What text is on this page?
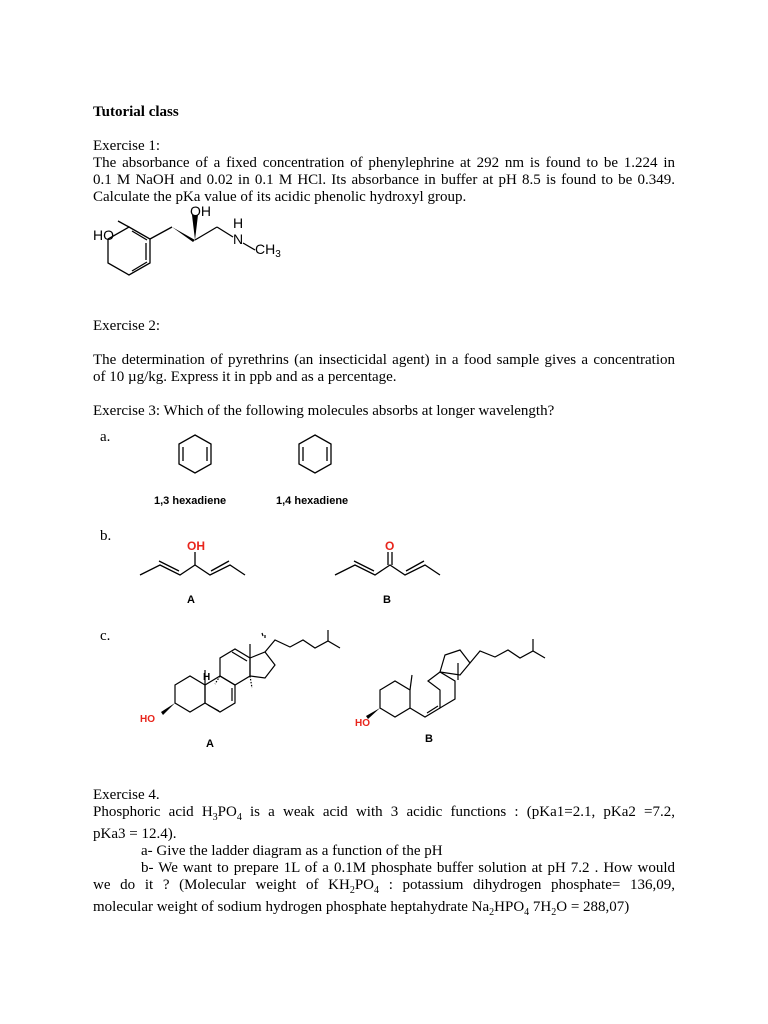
Tutorial class
Exercise 1:
The absorbance of a fixed concentration of phenylephrine at 292 nm is found to be 1.224 in
0.1 M NaOH and 0.02 in 0.1 M HCl. Its absorbance in buffer at pH 8.5 is found to be 0.349.
Calculate the pKa value of its acidic phenolic hydroxyl group.
OH
HO
H
N
$CH_3$
Exercise 2:
The determination of pyrethrins (an insecticidal agent) in a food sample gives a concentration
of 10 µg/kg. Express it in ppb and as a percentage.
Exercise 3: Which of the following molecules absorbs at longer wavelength?
a.
1,3 hexadiene	1,4 hexadiene
b.
OH	O
A	B
c.
HO
H
HO
A	B
Exercise 4.
Phosphoric acid $H_3PO_4$ is a weak acid with 3 acidic functions : (pKa1=2.1, pKa2 =7.2,
pKa3 = 12.4).
a- Give the ladder diagram as a function of the pH
b- We want to prepare 1L of a 0.1M phosphate buffer solution at pH 7.2 . How would
we do it ? (Molecular weight of $KH_2PO_4$ : potassium dihydrogen phosphate= 136,09,
molecular weight of sodium hydrogen phosphate heptahydrate $Na_2HPO_4$ $7H_2O = 288,07$)
